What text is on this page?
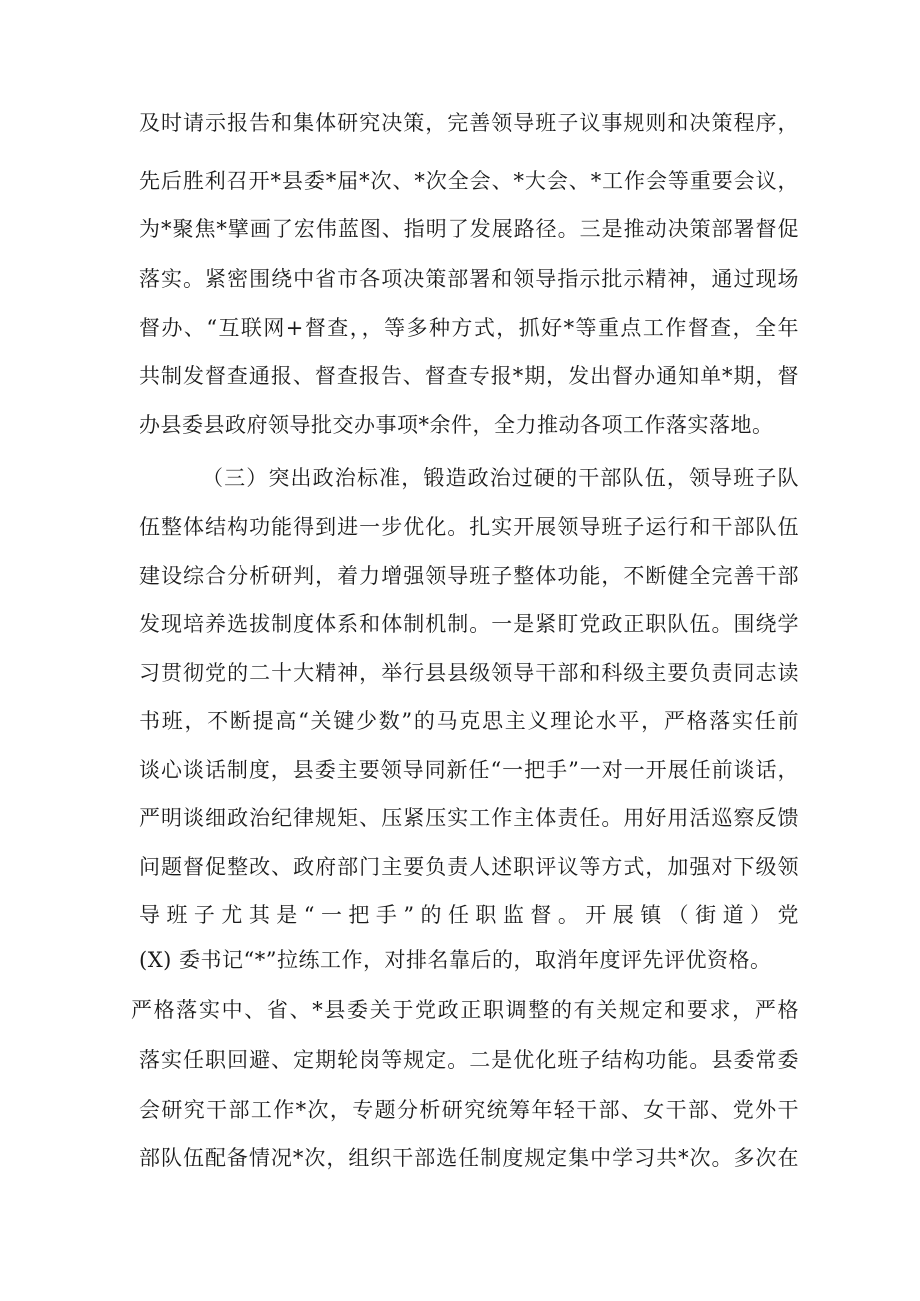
及时请示报告和集体研究决策，完善领导班子议事规则和决策程序，
先后胜利召开*县委*届*次、*次全会、*大会、*工作会等重要会议，
为*聚焦*擘画了宏伟蓝图、指明了发展路径。三是推动决策部署督促
落实。紧密围绕中省市各项决策部署和领导指示批示精神，通过现场
督办、“互联网+督查，，等多种方式，抓好*等重点工作督查，全年
共制发督查通报、督查报告、督查专报*期，发出督办通知单*期，督
办县委县政府领导批交办事项*余件，全力推动各项工作落实落地。
（三）突出政治标准，锻造政治过硬的干部队伍，领导班子队
伍整体结构功能得到进一步优化。扎实开展领导班子运行和干部队伍
建设综合分析研判，着力增强领导班子整体功能，不断健全完善干部
发现培养选拔制度体系和体制机制。一是紧盯党政正职队伍。围绕学
习贯彻党的二十大精神，举行县县级领导干部和科级主要负责同志读
书班，不断提高“关键少数”的马克思主义理论水平，严格落实任前
谈心谈话制度，县委主要领导同新任“一把手”一对一开展任前谈话，
严明谈细政治纪律规矩、压紧压实工作主体责任。用好用活巡察反馈
问题督促整改、政府部门主要负责人述职评议等方式，加强对下级领
导班子尤其是“一把手”的任职监督。开展镇（街道）党
(X) 委书记“*”拉练工作，对排名靠后的，取消年度评先评优资格。
严格落实中、省、*县委关于党政正职调整的有关规定和要求，严格
落实任职回避、定期轮岗等规定。二是优化班子结构功能。县委常委
会研究干部工作*次，专题分析研究统筹年轻干部、女干部、党外干
部队伍配备情况*次，组织干部选任制度规定集中学习共*次。多次在
